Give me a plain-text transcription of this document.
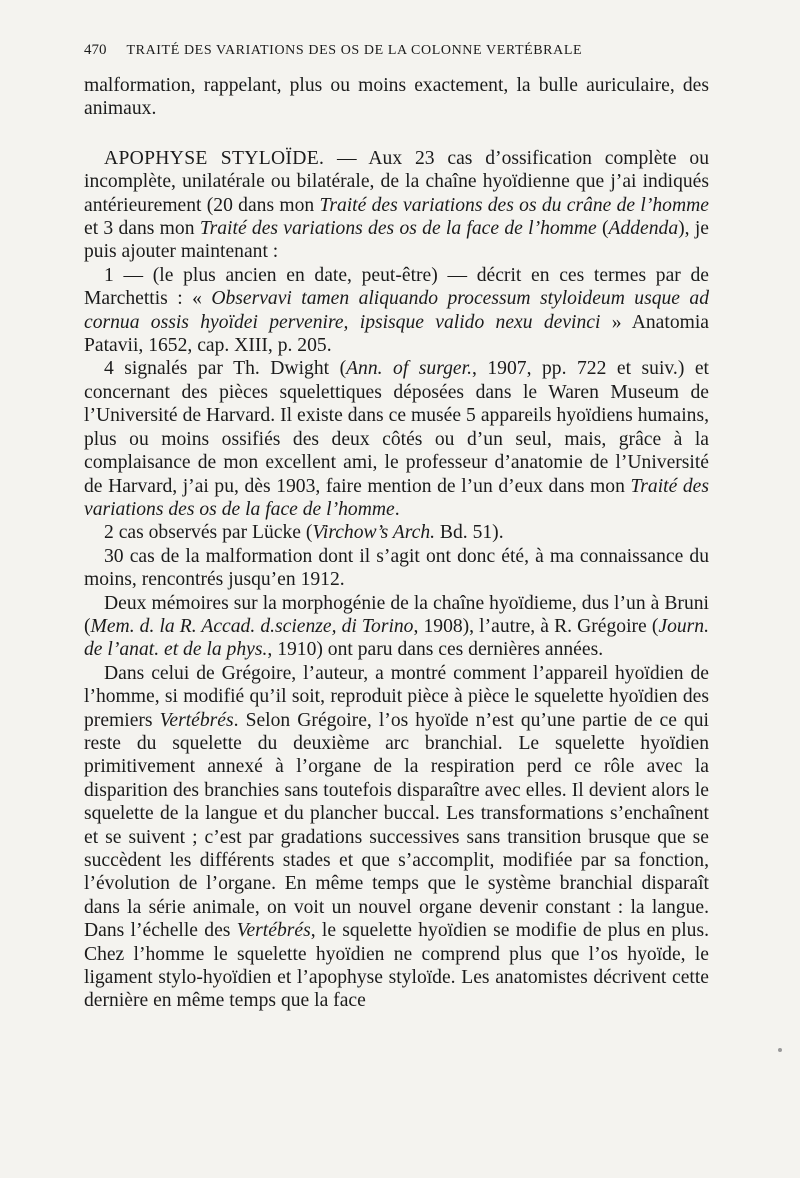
470 TRAITÉ DES VARIATIONS DES OS DE LA COLONNE VERTÉBRALE

malformation, rappelant, plus ou moins exactement, la bulle auriculaire, des animaux.

APOPHYSE STYLOÏDE. — Aux 23 cas d’ossification complète ou incomplète, unilatérale ou bilatérale, de la chaîne hyoïdienne que j’ai indiqués antérieurement (20 dans mon Traité des variations des os du crâne de l’homme et 3 dans mon Traité des variations des os de la face de l’homme (Addenda), je puis ajouter maintenant :

1 — (le plus ancien en date, peut-être) — décrit en ces termes par de Marchettis : « Observavi tamen aliquando processum styloideum usque ad cornua ossis hyoïdei pervenire, ipsisque valido nexu devinci » Anatomia Patavii, 1652, cap. XIII, p. 205.

4 signalés par Th. Dwight (Ann. of surger., 1907, pp. 722 et suiv.) et concernant des pièces squelettiques déposées dans le Waren Museum de l’Université de Harvard. Il existe dans ce musée 5 appareils hyoïdiens humains, plus ou moins ossifiés des deux côtés ou d’un seul, mais, grâce à la complaisance de mon excellent ami, le professeur d’anatomie de l’Université de Harvard, j’ai pu, dès 1903, faire mention de l’un d’eux dans mon Traité des variations des os de la face de l’homme.

2 cas observés par Lücke (Virchow’s Arch. Bd. 51).

30 cas de la malformation dont il s’agit ont donc été, à ma connaissance du moins, rencontrés jusqu’en 1912.

Deux mémoires sur la morphogénie de la chaîne hyoïdieme, dus l’un à Bruni (Mem. d. la R. Accad. d.scienze, di Torino, 1908), l’autre, à R. Grégoire (Journ. de l’anat. et de la phys., 1910) ont paru dans ces dernières années.

Dans celui de Grégoire, l’auteur, a montré comment l’appareil hyoïdien de l’homme, si modifié qu’il soit, reproduit pièce à pièce le squelette hyoïdien des premiers Vertébrés. Selon Grégoire, l’os hyoïde n’est qu’une partie de ce qui reste du squelette du deuxième arc branchial. Le squelette hyoïdien primitivement annexé à l’organe de la respiration perd ce rôle avec la disparition des branchies sans toutefois disparaître avec elles. Il devient alors le squelette de la langue et du plancher buccal. Les transformations s’enchaînent et se suivent ; c’est par gradations successives sans transition brusque que se succèdent les différents stades et que s’accomplit, modifiée par sa fonction, l’évolution de l’organe. En même temps que le système branchial disparaît dans la série animale, on voit un nouvel organe devenir constant : la langue. Dans l’échelle des Vertébrés, le squelette hyoïdien se modifie de plus en plus. Chez l’homme le squelette hyoïdien ne comprend plus que l’os hyoïde, le ligament stylo-hyoïdien et l’apophyse styloïde. Les anatomistes décrivent cette dernière en même temps que la face
